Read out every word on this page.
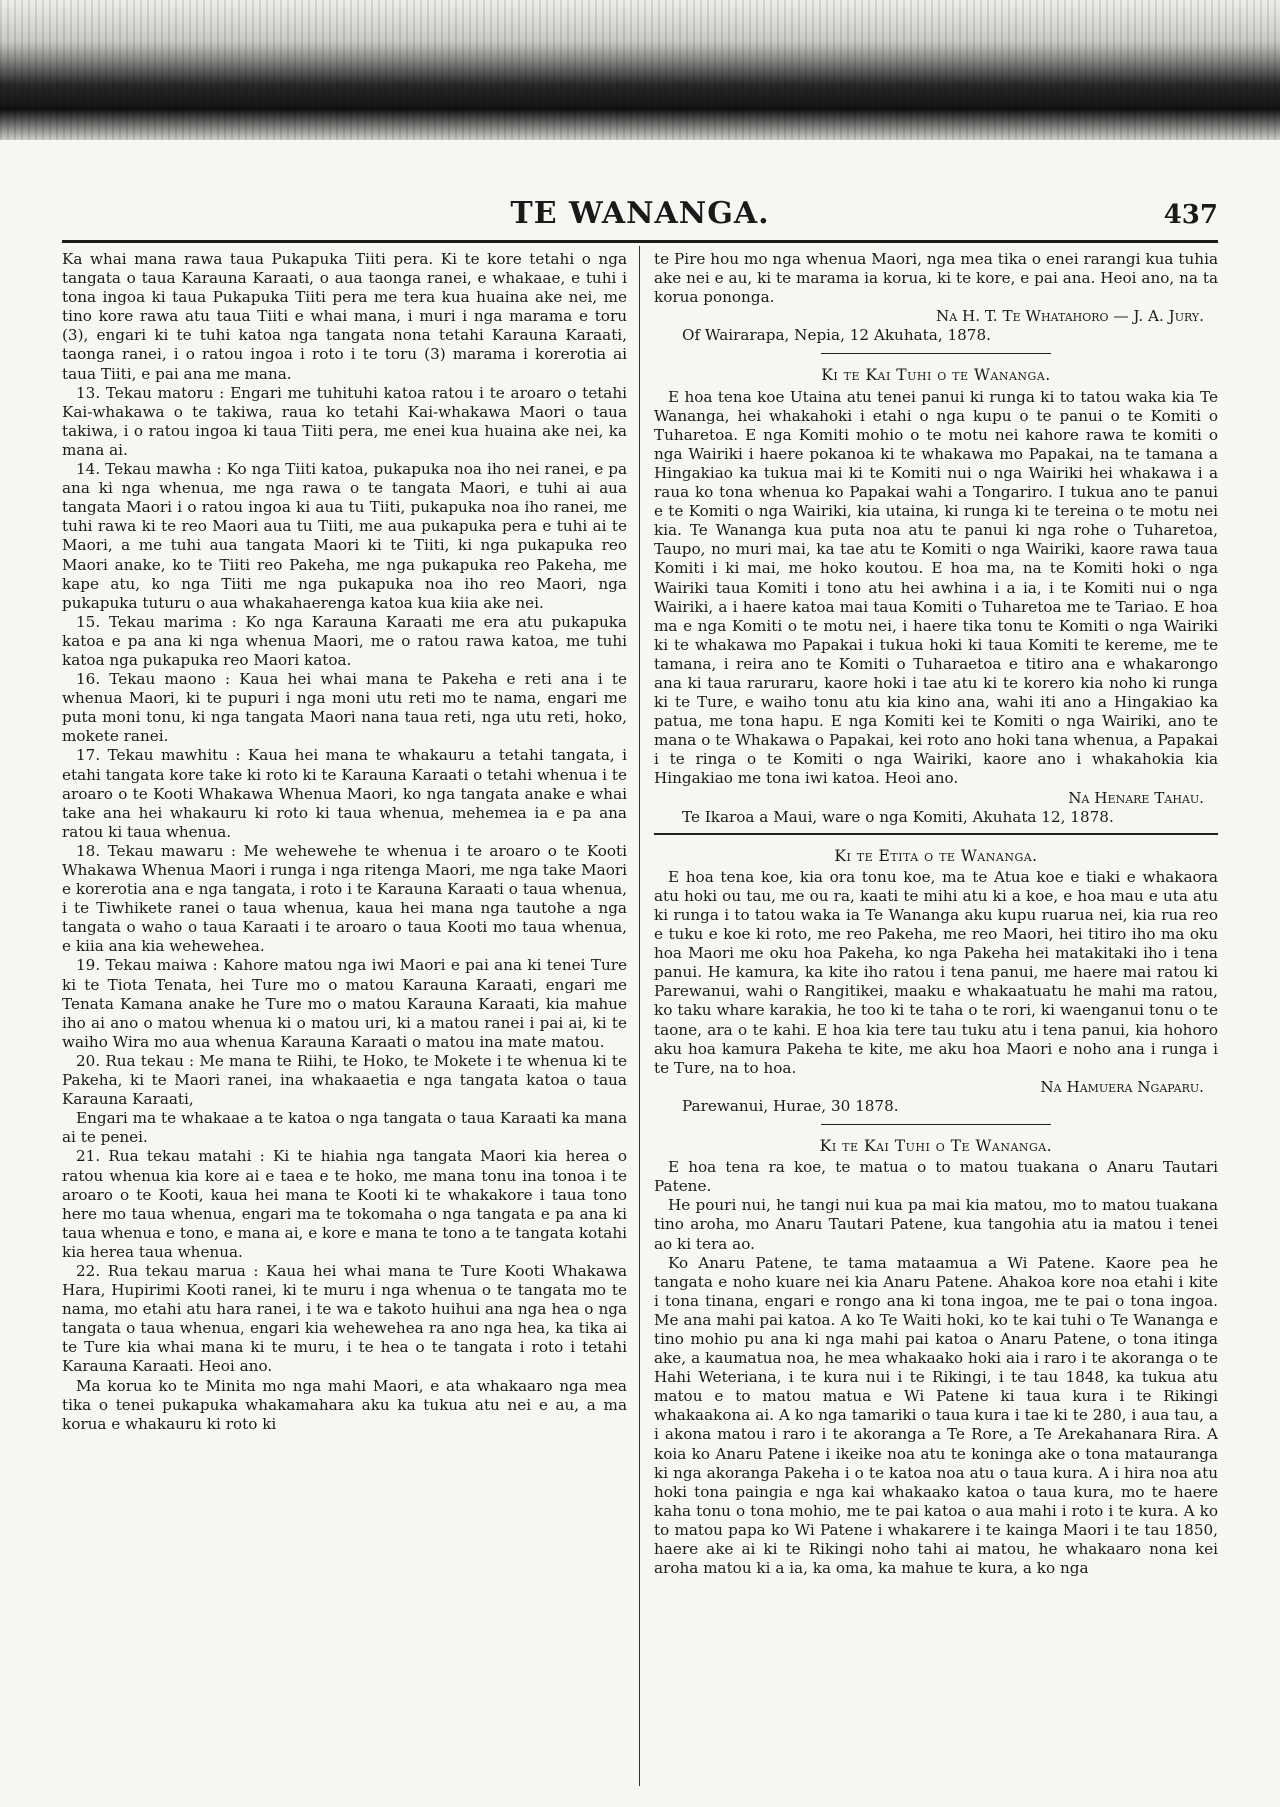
TE WANANGA.	437

Ka whai mana rawa taua Pukapuka Tiiti pera. Ki te kore tetahi o nga tangata o taua Karauna Karaati, o aua taonga ranei, e whakaae, e tuhi i tona ingoa ki taua Pukapuka Tiiti pera me tera kua huaina ake nei, me tino kore rawa atu taua Tiiti e whai mana, i muri i nga marama e toru (3), engari ki te tuhi katoa nga tangata nona tetahi Karauna Karaati, taonga ranei, i o ratou ingoa i roto i te toru (3) marama i korerotia ai taua Tiiti, e pai ana me mana.

13. Tekau matoru : Engari me tuhituhi katoa ratou i te aroaro o tetahi Kai-whakawa o te takiwa, raua ko tetahi Kai-whakawa Maori o taua takiwa, i o ratou ingoa ki taua Tiiti pera, me enei kua huaina ake nei, ka mana ai.

14. Tekau mawha : Ko nga Tiiti katoa, pukapuka noa iho nei ranei, e pa ana ki nga whenua, me nga rawa o te tangata Maori, e tuhi ai aua tangata Maori i o ratou ingoa ki aua tu Tiiti, pukapuka noa iho ranei, me tuhi rawa ki te reo Maori aua tu Tiiti, me aua pukapuka pera e tuhi ai te Maori, a me tuhi aua tangata Maori ki te Tiiti, ki nga pukapuka reo Maori anake, ko te Tiiti reo Pakeha, me nga pukapuka reo Pakeha, me kape atu, ko nga Tiiti me nga pukapuka noa iho reo Maori, nga pukapuka tuturu o aua whakahaerenga katoa kua kiia ake nei.

15. Tekau marima : Ko nga Karauna Karaati me era atu pukapuka katoa e pa ana ki nga whenua Maori, me o ratou rawa katoa, me tuhi katoa nga pukapuka reo Maori katoa.

16. Tekau maono : Kaua hei whai mana te Pakeha e reti ana i te whenua Maori, ki te pupuri i nga moni utu reti mo te nama, engari me puta moni tonu, ki nga tangata Maori nana taua reti, nga utu reti, hoko, mokete ranei.

17. Tekau mawhitu : Kaua hei mana te whakauru a tetahi tangata, i etahi tangata kore take ki roto ki te Karauna Karaati o tetahi whenua i te aroaro o te Kooti Whakawa Whenua Maori, ko nga tangata anake e whai take ana hei whakauru ki roto ki taua whenua, mehemea ia e pa ana ratou ki taua whenua.

18. Tekau mawaru : Me wehewehe te whenua i te aroaro o te Kooti Whakawa Whenua Maori i runga i nga ritenga Maori, me nga take Maori e korerotia ana e nga tangata, i roto i te Karauna Karaati o taua whenua, i te Tiwhikete ranei o taua whenua, kaua hei mana nga tautohe a nga tangata o waho o taua Karaati i te aroaro o taua Kooti mo taua whenua, e kiia ana kia wehewehea.

19. Tekau maiwa : Kahore matou nga iwi Maori e pai ana ki tenei Ture ki te Tiota Tenata, hei Ture mo o matou Karauna Karaati, engari me Tenata Kamana anake he Ture mo o matou Karauna Karaati, kia mahue iho ai ano o matou whenua ki o matou uri, ki a matou ranei i pai ai, ki te waiho Wira mo aua whenua Karauna Karaati o matou ina mate matou.

20. Rua tekau : Me mana te Riihi, te Hoko, te Mokete i te whenua ki te Pakeha, ki te Maori ranei, ina whakaaetia e nga tangata katoa o taua Karauna Karaati,

Engari ma te whakaae a te katoa o nga tangata o taua Karaati ka mana ai te penei.

21. Rua tekau matahi : Ki te hiahia nga tangata Maori kia herea o ratou whenua kia kore ai e taea e te hoko, me mana tonu ina tonoa i te aroaro o te Kooti, kaua hei mana te Kooti ki te whakakore i taua tono here mo taua whenua, engari ma te tokomaha o nga tangata e pa ana ki taua whenua e tono, e mana ai, e kore e mana te tono a te tangata kotahi kia herea taua whenua.

22. Rua tekau marua : Kaua hei whai mana te Ture Kooti Whakawa Hara, Hupirimi Kooti ranei, ki te muru i nga whenua o te tangata mo te nama, mo etahi atu hara ranei, i te wa e takoto huihui ana nga hea o nga tangata o taua whenua, engari kia wehewehea ra ano nga hea, ka tika ai te Ture kia whai mana ki te muru, i te hea o te tangata i roto i tetahi Karauna Karaati. Heoi ano.

Ma korua ko te Minita mo nga mahi Maori, e ata whakaaro nga mea tika o tenei pukapuka whakamahara aku ka tukua atu nei e au, a ma korua e whakauru ki roto ki

te Pire hou mo nga whenua Maori, nga mea tika o enei rarangi kua tuhia ake nei e au, ki te marama ia korua, ki te kore, e pai ana. Heoi ano, na ta korua pononga.

Na H. T. Te Whatahoro — J. A. Jury.

Of Wairarapa, Nepia, 12 Akuhata, 1878.

Ki te Kai Tuhi o te Wananga.

E hoa tena koe Utaina atu tenei panui ki runga ki to tatou waka kia Te Wananga, hei whakahoki i etahi o nga kupu o te panui o te Komiti o Tuharetoa. E nga Komiti mohio o te motu nei kahore rawa te komiti o nga Wairiki i haere pokanoa ki te whakawa mo Papakai, na te tamana a Hingakiao ka tukua mai ki te Komiti nui o nga Wairiki hei whakawa i a raua ko tona whenua ko Papakai wahi a Tongariro. I tukua ano te panui e te Komiti o nga Wairiki, kia utaina, ki runga ki te tereina o te motu nei kia. Te Wananga kua puta noa atu te panui ki nga rohe o Tuharetoa, Taupo, no muri mai, ka tae atu te Komiti o nga Wairiki, kaore rawa taua Komiti i ki mai, me hoko koutou. E hoa ma, na te Komiti hoki o nga Wairiki taua Komiti i tono atu hei awhina i a ia, i te Komiti nui o nga Wairiki, a i haere katoa mai taua Komiti o Tuharetoa me te Tariao. E hoa ma e nga Komiti o te motu nei, i haere tika tonu te Komiti o nga Wairiki ki te whakawa mo Papakai i tukua hoki ki taua Komiti te kereme, me te tamana, i reira ano te Komiti o Tuharaetoa e titiro ana e whakarongo ana ki taua raruraru, kaore hoki i tae atu ki te korero kia noho ki runga ki te Ture, e waiho tonu atu kia kino ana, wahi iti ano a Hingakiao ka patua, me tona hapu. E nga Komiti kei te Komiti o nga Wairiki, ano te mana o te Whakawa o Papakai, kei roto ano hoki tana whenua, a Papakai i te ringa o te Komiti o nga Wairiki, kaore ano i whakahokia kia Hingakiao me tona iwi katoa. Heoi ano.

Na Henare Tahau.

Te Ikaroa a Maui, ware o nga Komiti, Akuhata 12, 1878.

Ki te Etita o te Wananga.

E hoa tena koe, kia ora tonu koe, ma te Atua koe e tiaki e whakaora atu hoki ou tau, me ou ra, kaati te mihi atu ki a koe, e hoa mau e uta atu ki runga i to tatou waka ia Te Wananga aku kupu ruarua nei, kia rua reo e tuku e koe ki roto, me reo Pakeha, me reo Maori, hei titiro iho ma oku hoa Maori me oku hoa Pakeha, ko nga Pakeha hei matakitaki iho i tena panui. He kamura, ka kite iho ratou i tena panui, me haere mai ratou ki Parewanui, wahi o Rangitikei, maaku e whakaatuatu he mahi ma ratou, ko taku whare karakia, he too ki te taha o te rori, ki waenganui tonu o te taone, ara o te kahi. E hoa kia tere tau tuku atu i tena panui, kia hohoro aku hoa kamura Pakeha te kite, me aku hoa Maori e noho ana i runga i te Ture, na to hoa.

Na Hamuera Ngaparu.

Parewanui, Hurae, 30 1878.

Ki te Kai Tuhi o Te Wananga.

E hoa tena ra koe, te matua o to matou tuakana o Anaru Tautari Patene.

He pouri nui, he tangi nui kua pa mai kia matou, mo to matou tuakana tino aroha, mo Anaru Tautari Patene, kua tangohia atu ia matou i tenei ao ki tera ao.

Ko Anaru Patene, te tama mataamua a Wi Patene. Kaore pea he tangata e noho kuare nei kia Anaru Patene. Ahakoa kore noa etahi i kite i tona tinana, engari e rongo ana ki tona ingoa, me te pai o tona ingoa. Me ana mahi pai katoa. A ko Te Waiti hoki, ko te kai tuhi o Te Wananga e tino mohio pu ana ki nga mahi pai katoa o Anaru Patene, o tona itinga ake, a kaumatua noa, he mea whakaako hoki aia i raro i te akoranga o te Hahi Weteriana, i te kura nui i te Rikingi, i te tau 1848, ka tukua atu matou e to matou matua e Wi Patene ki taua kura i te Rikingi whakaakona ai. A ko nga tamariki o taua kura i tae ki te 280, i aua tau, a i akona matou i raro i te akoranga a Te Rore, a Te Arekahanara Rira. A koia ko Anaru Patene i ikeike noa atu te koninga ake o tona matauranga ki nga akoranga Pakeha i o te katoa noa atu o taua kura. A i hira noa atu hoki tona paingia e nga kai whakaako katoa o taua kura, mo te haere kaha tonu o tona mohio, me te pai katoa o aua mahi i roto i te kura. A ko to matou papa ko Wi Patene i whakarere i te kainga Maori i te tau 1850, haere ake ai ki te Rikingi noho tahi ai matou, he whakaaro nona kei aroha matou ki a ia, ka oma, ka mahue te kura, a ko nga
